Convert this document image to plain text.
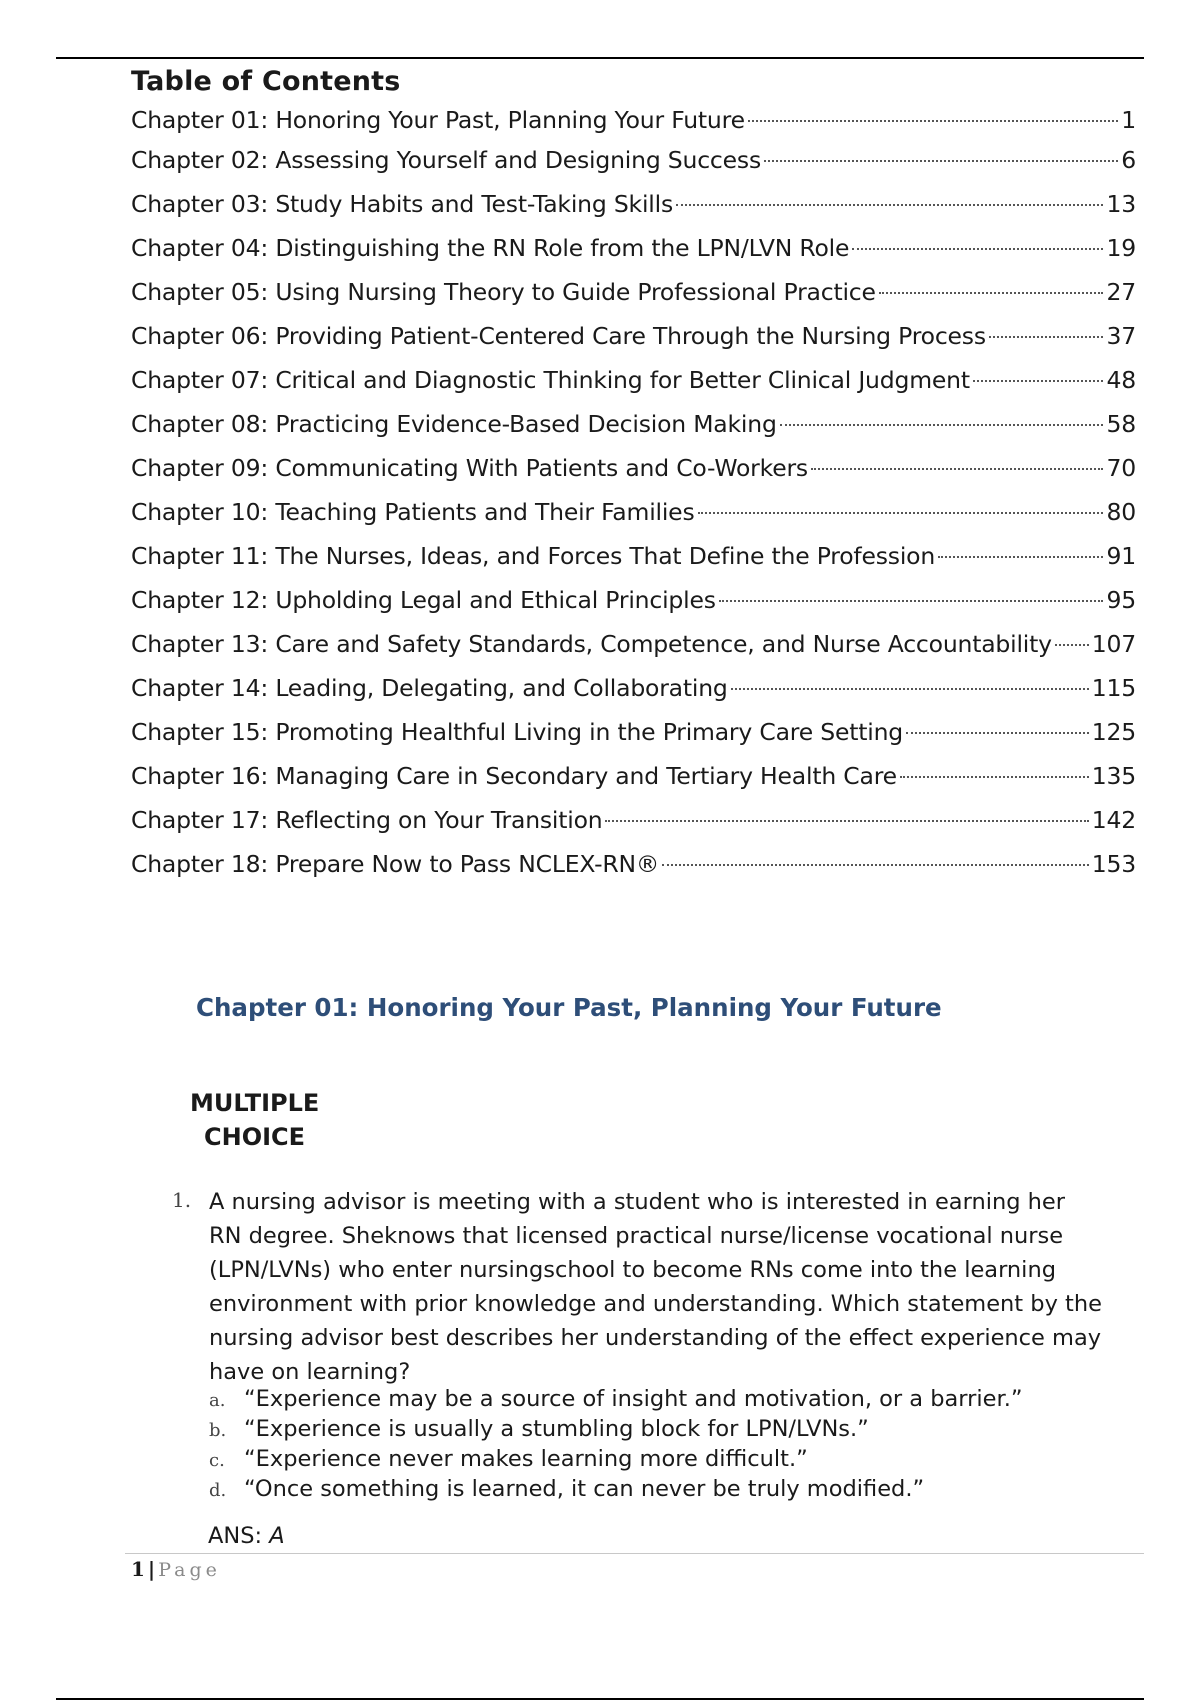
Table of Contents
Chapter 01: Honoring Your Past, Planning Your Future	1
Chapter 02: Assessing Yourself and Designing Success	6
Chapter 03: Study Habits and Test-Taking Skills	13
Chapter 04: Distinguishing the RN Role from the LPN/LVN Role	19
Chapter 05: Using Nursing Theory to Guide Professional Practice	27
Chapter 06: Providing Patient-Centered Care Through the Nursing Process	37
Chapter 07: Critical and Diagnostic Thinking for Better Clinical Judgment	48
Chapter 08: Practicing Evidence-Based Decision Making	58
Chapter 09: Communicating With Patients and Co-Workers	70
Chapter 10: Teaching Patients and Their Families	80
Chapter 11: The Nurses, Ideas, and Forces That Define the Profession	91
Chapter 12: Upholding Legal and Ethical Principles	95
Chapter 13: Care and Safety Standards, Competence, and Nurse Accountability 107
Chapter 14: Leading, Delegating, and Collaborating	115
Chapter 15: Promoting Healthful Living in the Primary Care Setting	125
Chapter 16: Managing Care in Secondary and Tertiary Health Care	135
Chapter 17: Reflecting on Your Transition	142
Chapter 18: Prepare Now to Pass NCLEX-RN®	153
Chapter 01: Honoring Your Past, Planning Your Future
MULTIPLE
CHOICE
1. A nursing advisor is meeting with a student who is interested in earning her RN degree. Sheknows that licensed practical nurse/license vocational nurse (LPN/LVNs) who enter nursingschool to become RNs come into the learning environment with prior knowledge and understanding. Which statement by the nursing advisor best describes her understanding of the effect experience may have on learning?

a. “Experience may be a source of insight and motivation, or a barrier.”
b. “Experience is usually a stumbling block for LPN/LVNs.”
c. “Experience never makes learning more difficult.”
d. “Once something is learned, it can never be truly modified.”
ANS: A
1 | Page
